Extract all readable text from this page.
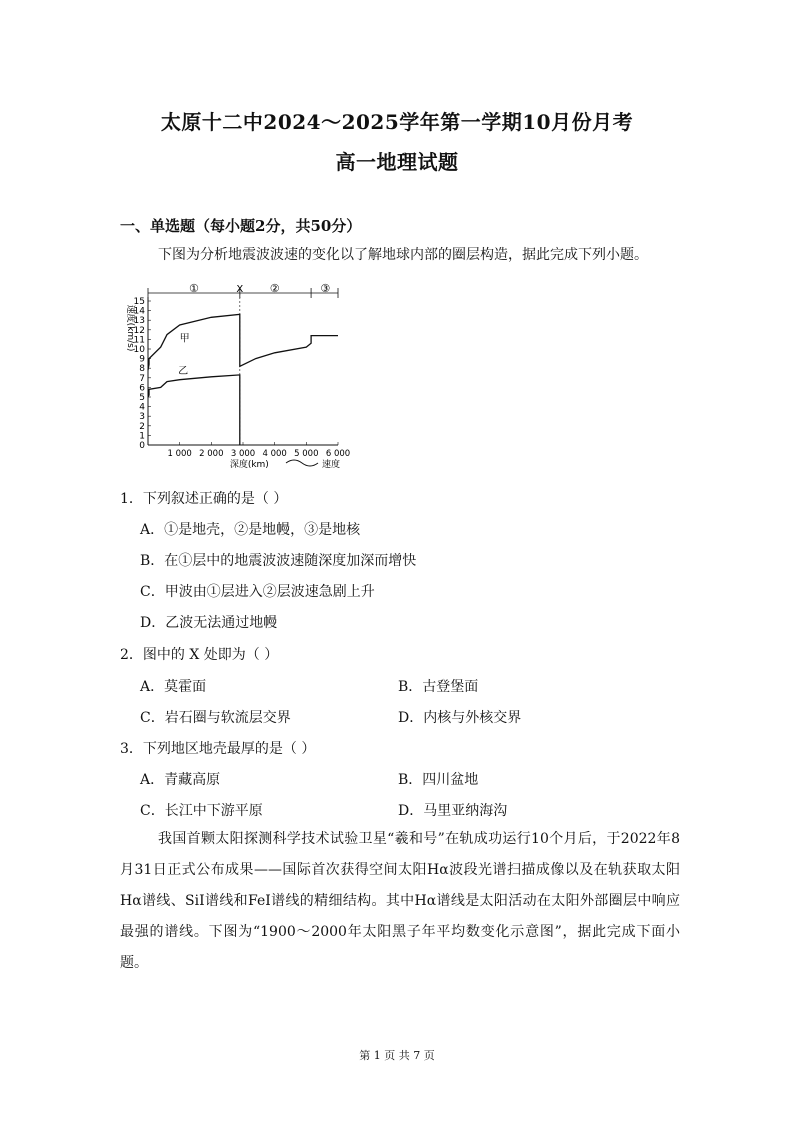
太原十二中2024～2025学年第一学期10月份月考
高一地理试题
一、单选题（每小题2分，共50分）
下图为分析地震波波速的变化以了解地球内部的圈层构造，据此完成下列小题。
①	X ②	③
0
1
2
3
4
5
6
7
8
9
10
11
12
13
14
15
1 000 2 000 3 000 4 000 5 000 6 000
速度(km/s)
深度(km)	速度
甲
乙
1．下列叙述正确的是（ ）
A．①是地壳，②是地幔，③是地核
B．在①层中的地震波波速随深度加深而增快
C．甲波由①层进入②层波速急剧上升
D．乙波无法通过地幔
2．图中的 X 处即为（ ）
A．莫霍面	B．古登堡面
C．岩石圈与软流层交界	D．内核与外核交界
3．下列地区地壳最厚的是（ ）
A．青藏高原	B．四川盆地
C．长江中下游平原	D．马里亚纳海沟
我国首颗太阳探测科学技术试验卫星“羲和号”在轨成功运行10个月后，于2022年8月31日正式公布成果——国际首次获得空间太阳Hα波段光谱扫描成像以及在轨获取太阳Hα谱线、SiI谱线和FeI谱线的精细结构。其中Hα谱线是太阳活动在太阳外部圈层中响应最强的谱线。下图为“1900～2000年太阳黑子年平均数变化示意图”，据此完成下面小题。
第 1 页 共 7 页
